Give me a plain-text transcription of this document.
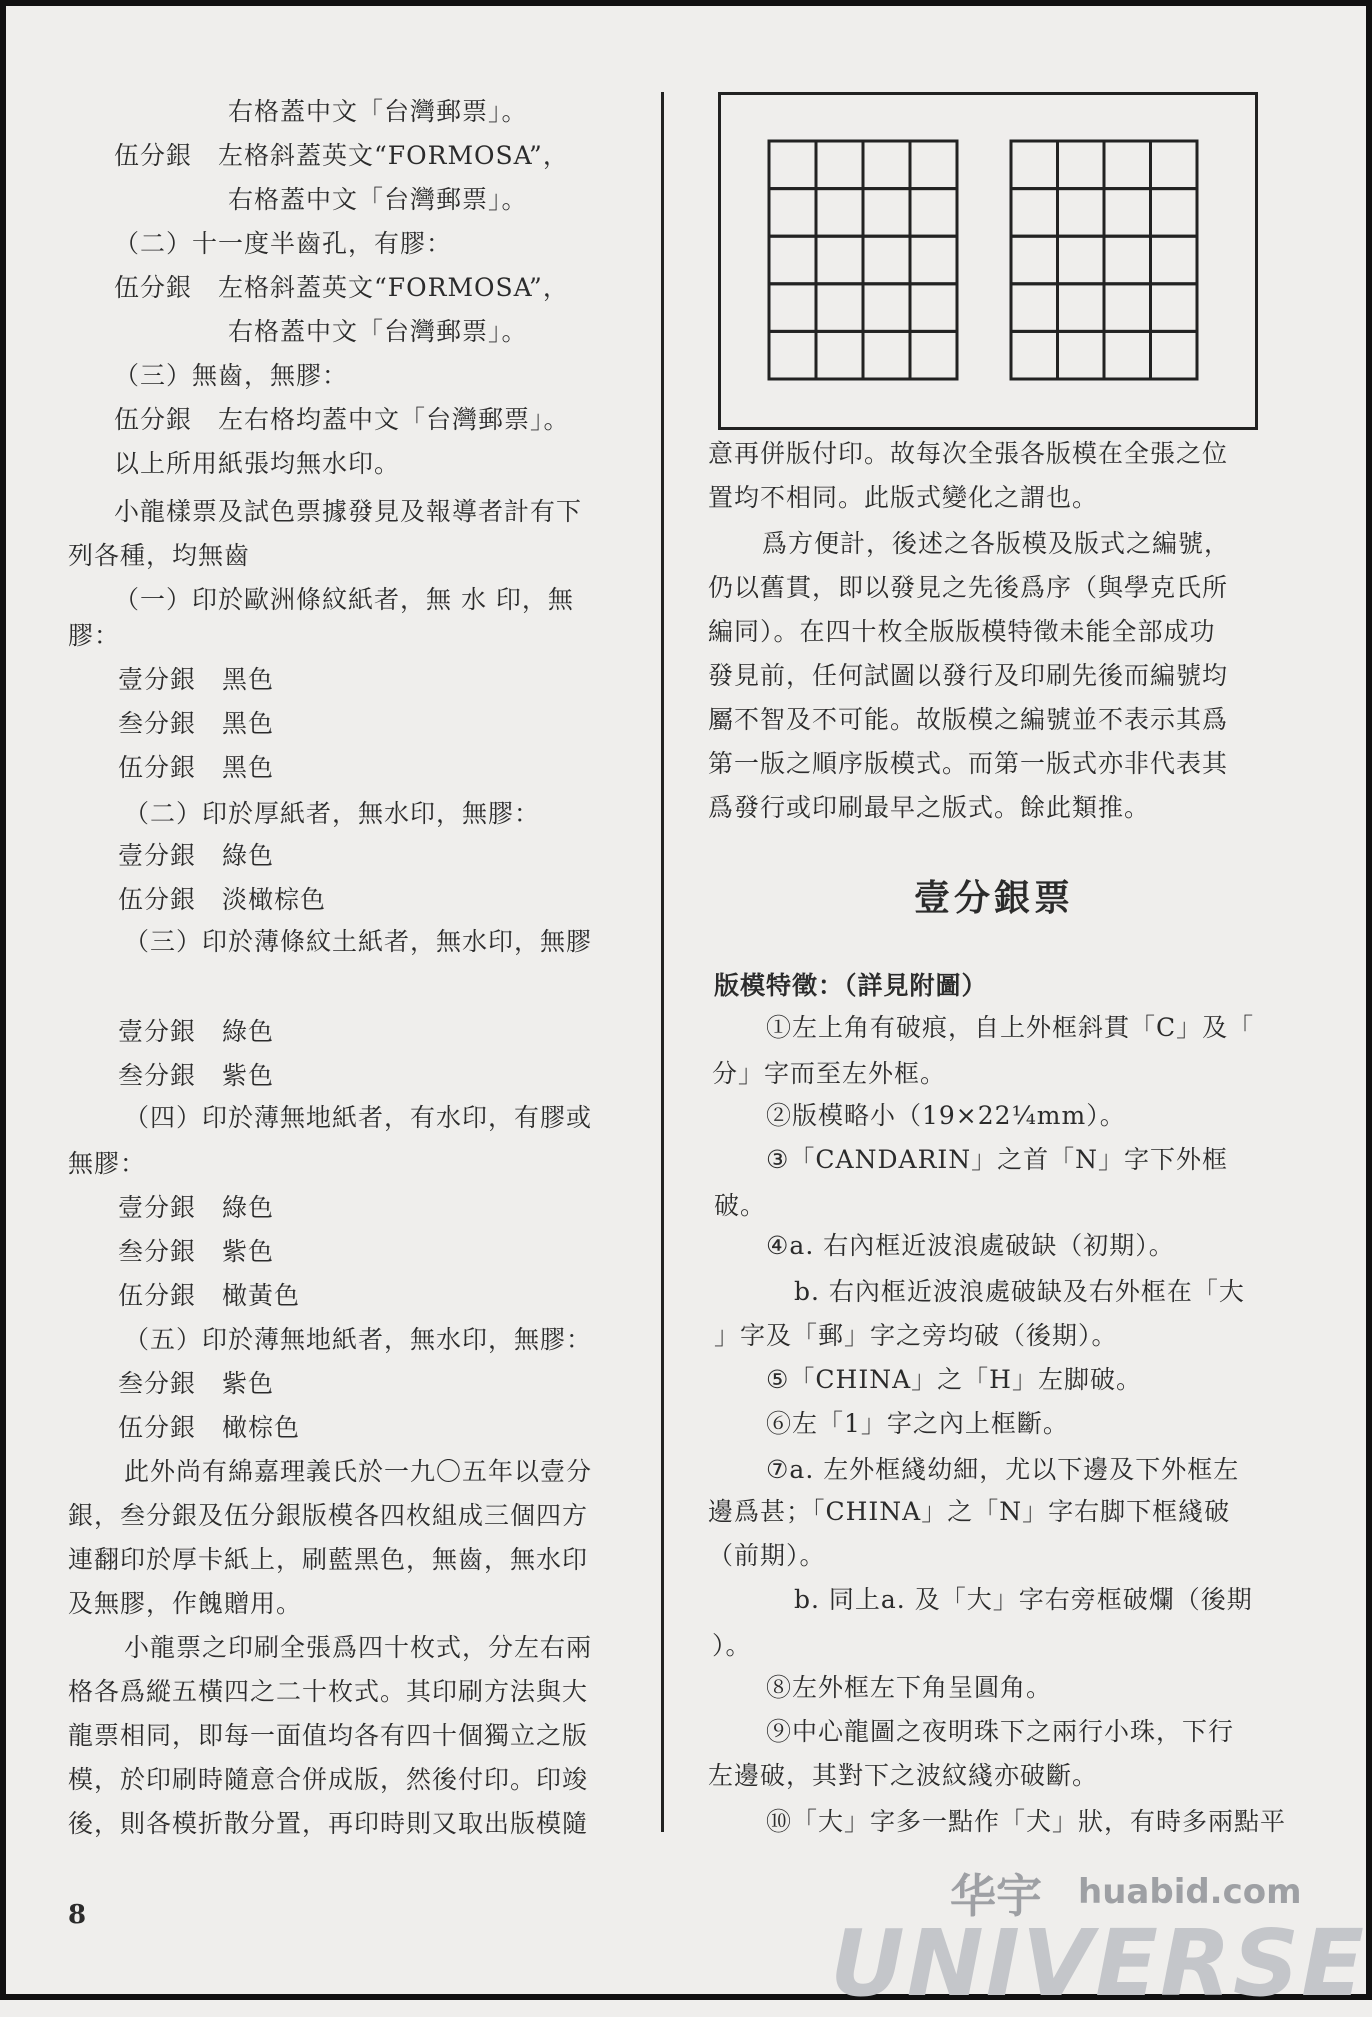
右格蓋中文「台灣郵票」。
伍分銀　左格斜蓋英文“FORMOSA”，
右格蓋中文「台灣郵票」。
（二）十一度半齒孔，有膠：
伍分銀　左格斜蓋英文“FORMOSA”，
右格蓋中文「台灣郵票」。
（三）無齒，無膠：
伍分銀　左右格均蓋中文「台灣郵票」。
以上所用紙張均無水印。
小龍樣票及試色票據發見及報導者計有下
列各種，均無齒
（一）印於歐洲條紋紙者，無 水 印，無
膠：
壹分銀　黑色
叁分銀　黑色
伍分銀　黑色
（二）印於厚紙者，無水印，無膠：
壹分銀　綠色
伍分銀　淡橄棕色
（三）印於薄條紋土紙者，無水印，無膠
壹分銀　綠色
叁分銀　紫色
（四）印於薄無地紙者，有水印，有膠或
無膠：
壹分銀　綠色
叁分銀　紫色
伍分銀　橄黃色
（五）印於薄無地紙者，無水印，無膠：
叁分銀　紫色
伍分銀　橄棕色
此外尚有綿嘉理義氏於一九〇五年以壹分
銀，叁分銀及伍分銀版模各四枚組成三個四方
連翻印於厚卡紙上，刷藍黑色，無齒，無水印
及無膠，作餽贈用。
小龍票之印刷全張爲四十枚式，分左右兩
格各爲縱五橫四之二十枚式。其印刷方法與大
龍票相同，即每一面值均各有四十個獨立之版
模，於印刷時隨意合併成版，然後付印。印竣
後，則各模折散分置，再印時則又取出版模隨
意再併版付印。故每次全張各版模在全張之位
置均不相同。此版式變化之謂也。
爲方便計，後述之各版模及版式之編號，
仍以舊貫，即以發見之先後爲序（與學克氏所
編同）。在四十枚全版版模特徵未能全部成功
發見前，任何試圖以發行及印刷先後而編號均
屬不智及不可能。故版模之編號並不表示其爲
第一版之順序版模式。而第一版式亦非代表其
爲發行或印刷最早之版式。餘此類推。
版模特徵：（詳見附圖）
①左上角有破痕，自上外框斜貫「C」及「
分」字而至左外框。
②版模略小（19×22¼mm）。
③「CANDARIN」之首「N」字下外框
破。
④a. 右內框近波浪處破缺（初期）。
b. 右內框近波浪處破缺及右外框在「大
」字及「郵」字之旁均破（後期）。
⑤「CHINA」之「H」左脚破。
⑥左「1」字之內上框斷。
⑦a. 左外框綫幼細，尤以下邊及下外框左
邊爲甚；「CHINA」之「N」字右脚下框綫破
（前期）。
b. 同上a. 及「大」字右旁框破爛（後期
）。
⑧左外框左下角呈圓角。
⑨中心龍圖之夜明珠下之兩行小珠，下行
左邊破，其對下之波紋綫亦破斷。
⑩「大」字多一點作「犬」狀，有時多兩點平
壹分銀票
8	华宇 huabid.com
UNIVERSE
